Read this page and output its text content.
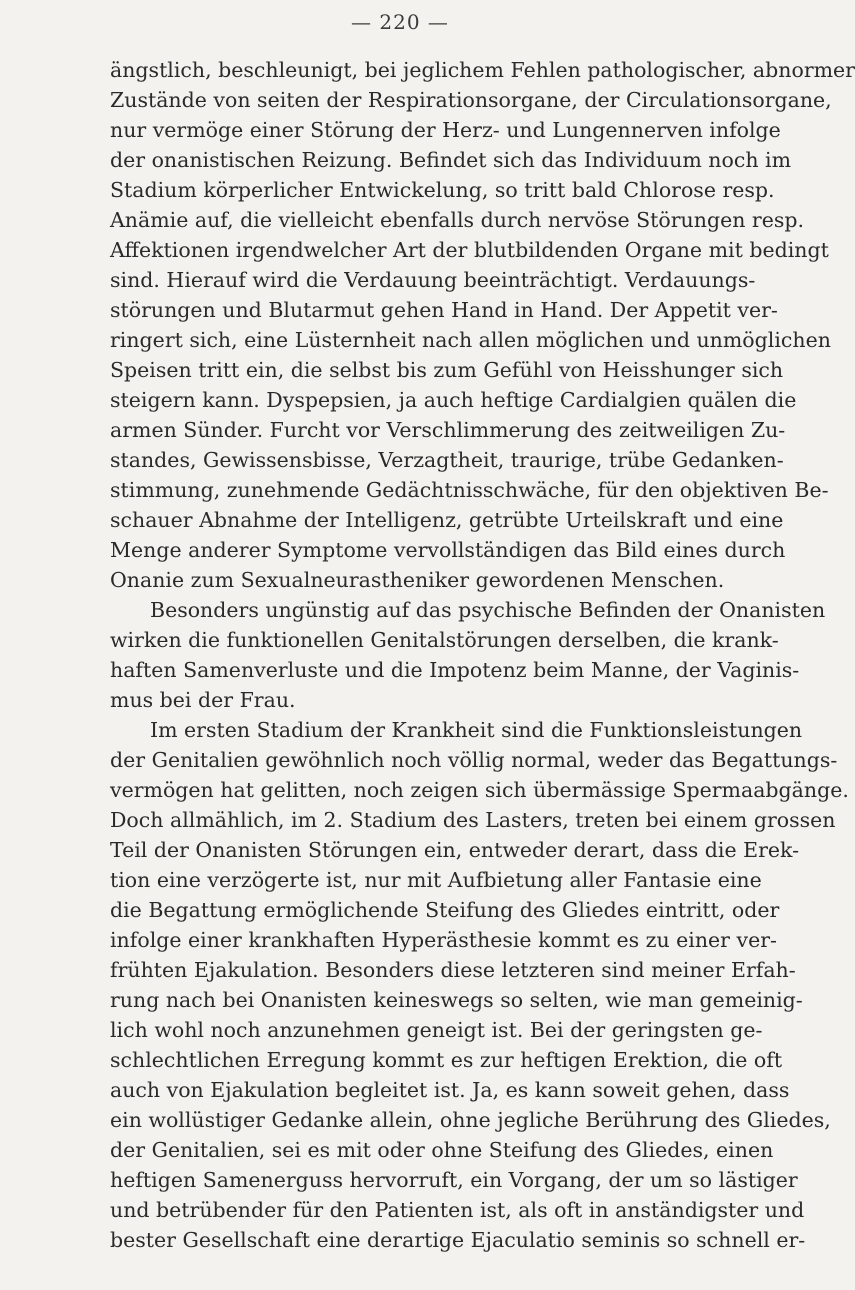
— 220 —
ängstlich, beschleunigt, bei jeglichem Fehlen pathologischer, abnormer
Zustände von seiten der Respirationsorgane, der Circulationsorgane,
nur vermöge einer Störung der Herz- und Lungennerven infolge
der onanistischen Reizung. Befindet sich das Individuum noch im
Stadium körperlicher Entwickelung, so tritt bald Chlorose resp.
Anämie auf, die vielleicht ebenfalls durch nervöse Störungen resp.
Affektionen irgendwelcher Art der blutbildenden Organe mit bedingt
sind. Hierauf wird die Verdauung beeinträchtigt. Verdauungs-
störungen und Blutarmut gehen Hand in Hand. Der Appetit ver-
ringert sich, eine Lüsternheit nach allen möglichen und unmöglichen
Speisen tritt ein, die selbst bis zum Gefühl von Heisshunger sich
steigern kann. Dyspepsien, ja auch heftige Cardialgien quälen die
armen Sünder. Furcht vor Verschlimmerung des zeitweiligen Zu-
standes, Gewissensbisse, Verzagtheit, traurige, trübe Gedanken-
stimmung, zunehmende Gedächtnisschwäche, für den objektiven Be-
schauer Abnahme der Intelligenz, getrübte Urteilskraft und eine
Menge anderer Symptome vervollständigen das Bild eines durch
Onanie zum Sexualneurastheniker gewordenen Menschen.
Besonders ungünstig auf das psychische Befinden der Onanisten
wirken die funktionellen Genitalstörungen derselben, die krank-
haften Samenverluste und die Impotenz beim Manne, der Vaginis-
mus bei der Frau.
Im ersten Stadium der Krankheit sind die Funktionsleistungen
der Genitalien gewöhnlich noch völlig normal, weder das Begattungs-
vermögen hat gelitten, noch zeigen sich übermässige Spermaabgänge.
Doch allmählich, im 2. Stadium des Lasters, treten bei einem grossen
Teil der Onanisten Störungen ein, entweder derart, dass die Erek-
tion eine verzögerte ist, nur mit Aufbietung aller Fantasie eine
die Begattung ermöglichende Steifung des Gliedes eintritt, oder
infolge einer krankhaften Hyperästhesie kommt es zu einer ver-
frühten Ejakulation. Besonders diese letzteren sind meiner Erfah-
rung nach bei Onanisten keineswegs so selten, wie man gemeinig-
lich wohl noch anzunehmen geneigt ist. Bei der geringsten ge-
schlechtlichen Erregung kommt es zur heftigen Erektion, die oft
auch von Ejakulation begleitet ist. Ja, es kann soweit gehen, dass
ein wollüstiger Gedanke allein, ohne jegliche Berührung des Gliedes,
der Genitalien, sei es mit oder ohne Steifung des Gliedes, einen
heftigen Samenerguss hervorruft, ein Vorgang, der um so lästiger
und betrübender für den Patienten ist, als oft in anständigster und
bester Gesellschaft eine derartige Ejaculatio seminis so schnell er-
